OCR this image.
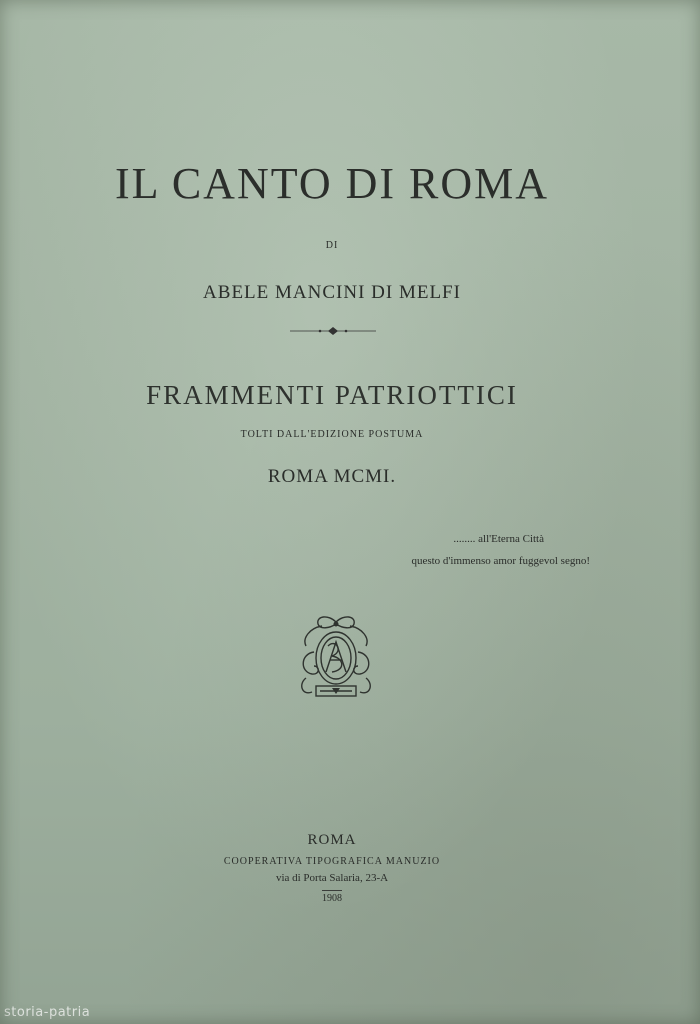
IL CANTO DI ROMA
DI
ABELE MANCINI DI MELFI
FRAMMENTI PATRIOTTICI
TOLTI DALL'EDIZIONE POSTUMA
ROMA MCMI.
........ all'Eterna Città
questo d'immenso amor fuggevol segno!
ROMA
COOPERATIVA TIPOGRAFICA MANUZIO
via di Porta Salaria, 23-A
1908
storia-patria
